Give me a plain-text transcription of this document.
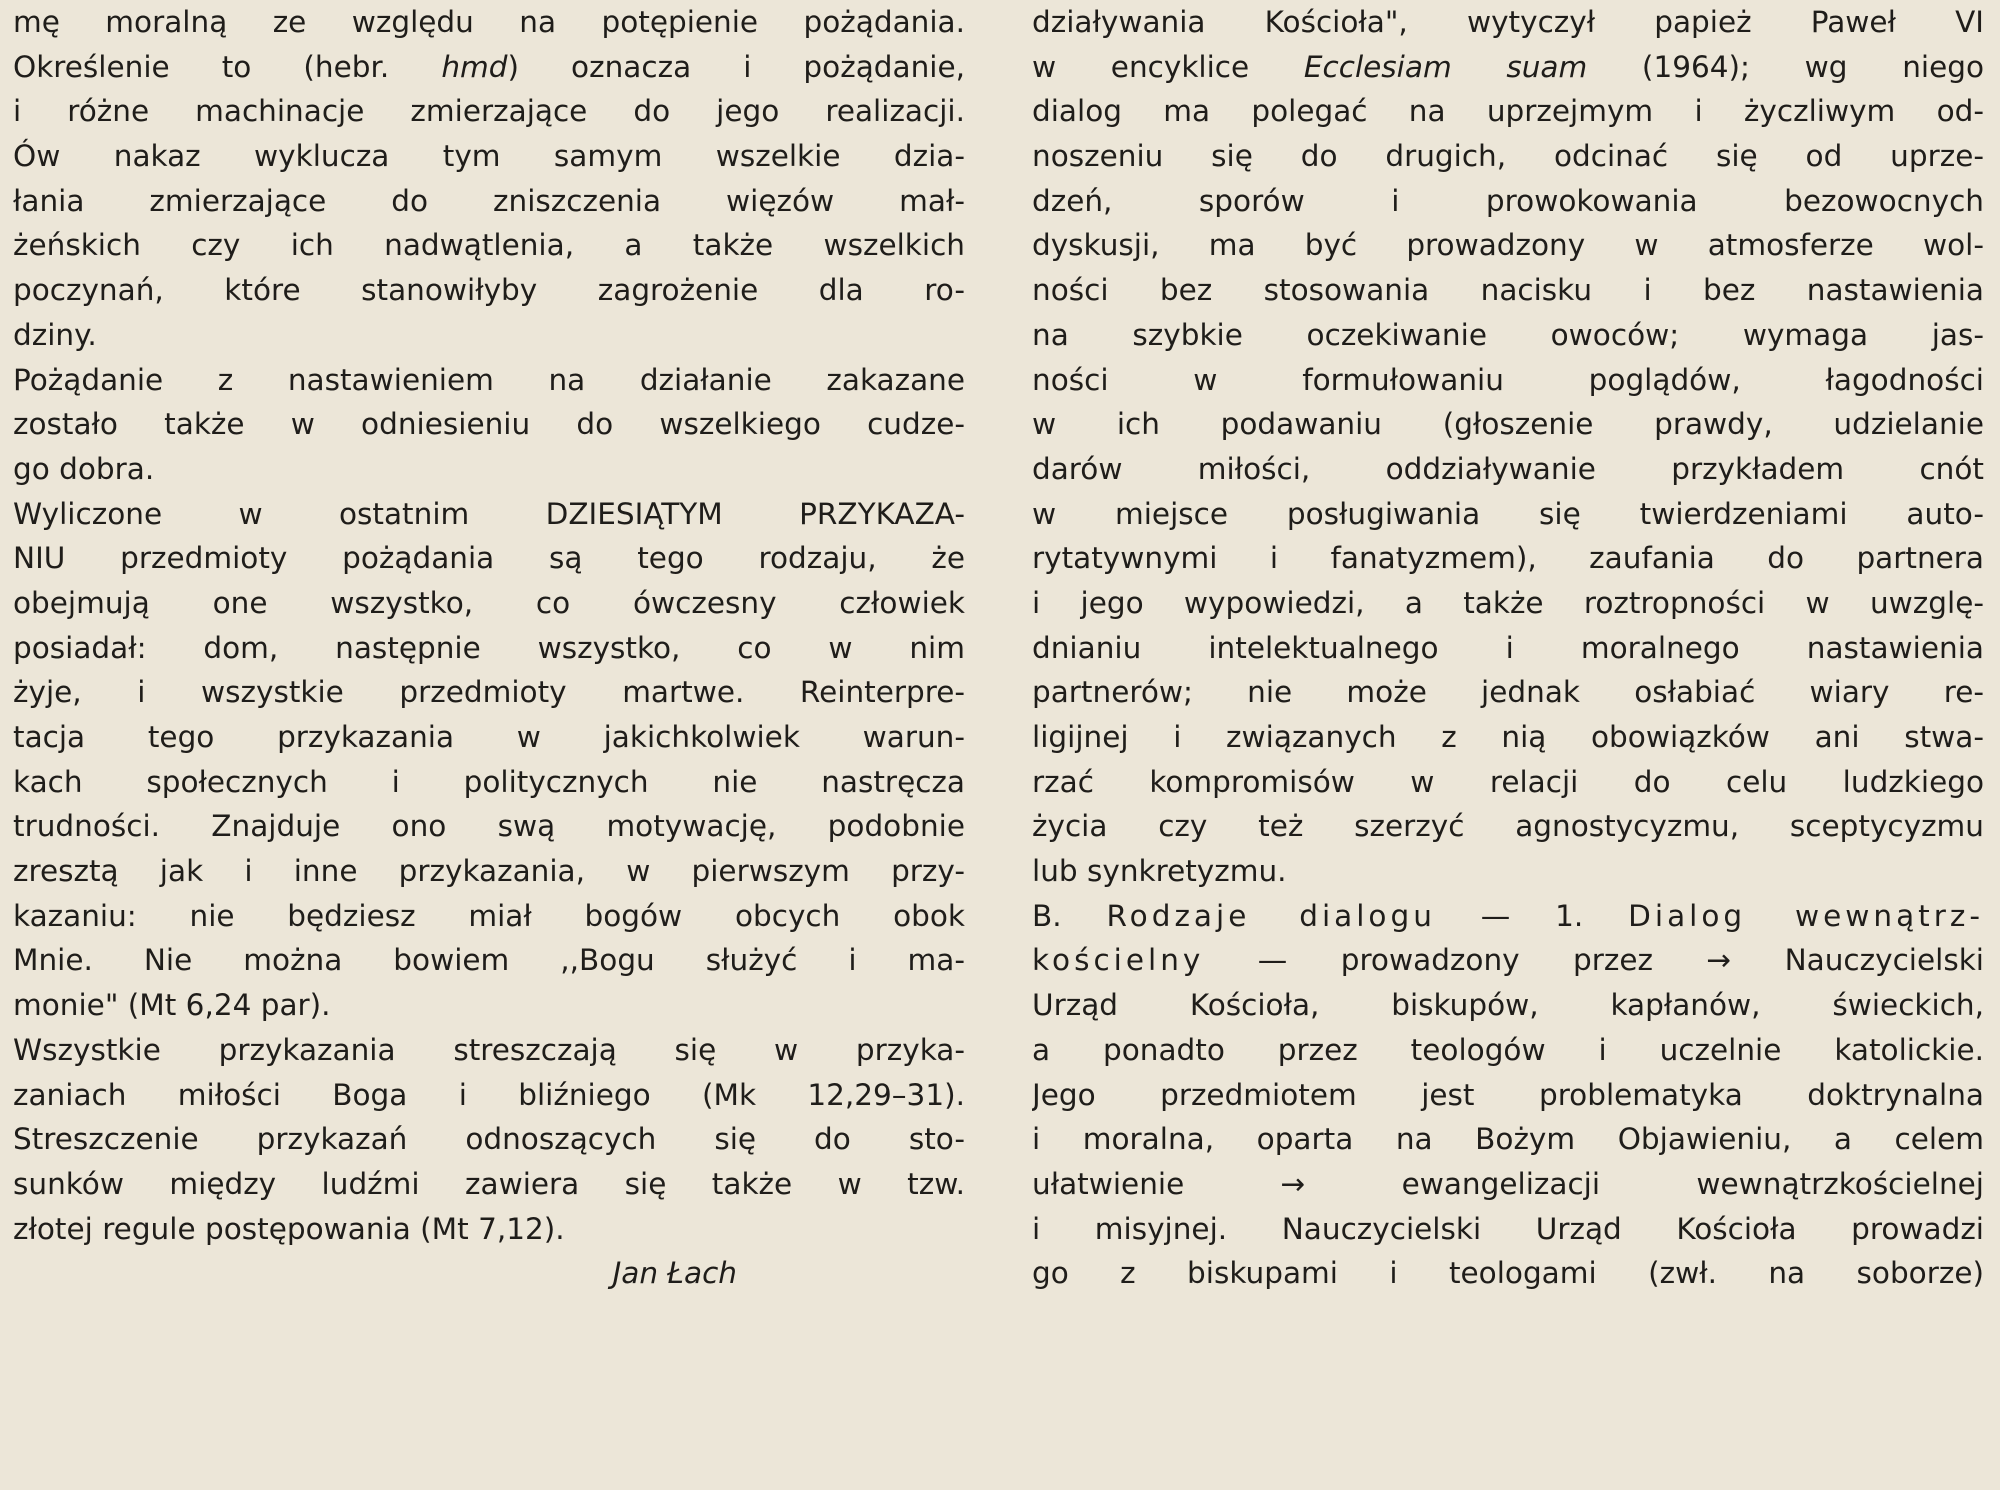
mę moralną ze względu na potępienie pożądania.
Określenie to (hebr. hmd) oznacza i pożądanie,
i różne machinacje zmierzające do jego realizacji.
Ów nakaz wyklucza tym samym wszelkie dzia-
łania zmierzające do zniszczenia więzów mał-
żeńskich czy ich nadwątlenia, a także wszelkich
poczynań, które stanowiłyby zagrożenie dla ro-
dziny.
Pożądanie z nastawieniem na działanie zakazane
zostało także w odniesieniu do wszelkiego cudze-
go dobra.
Wyliczone w ostatnim DZIESIĄTYM PRZYKAZA-
NIU przedmioty pożądania są tego rodzaju, że
obejmują one wszystko, co ówczesny człowiek
posiadał: dom, następnie wszystko, co w nim
żyje, i wszystkie przedmioty martwe. Reinterpre-
tacja tego przykazania w jakichkolwiek warun-
kach społecznych i politycznych nie nastręcza
trudności. Znajduje ono swą motywację, podobnie
zresztą jak i inne przykazania, w pierwszym przy-
kazaniu: nie będziesz miał bogów obcych obok
Mnie. Nie można bowiem ,,Bogu służyć i ma-
monie" (Mt 6,24 par).
Wszystkie przykazania streszczają się w przyka-
zaniach miłości Boga i bliźniego (Mk 12,29–31).
Streszczenie przykazań odnoszących się do sto-
sunków między ludźmi zawiera się także w tzw.
złotej regule postępowania (Mt 7,12).
Jan Łach
działywania Kościoła", wytyczył papież Paweł VI
w encyklice Ecclesiam suam (1964); wg niego
dialog ma polegać na uprzejmym i życzliwym od-
noszeniu się do drugich, odcinać się od uprze-
dzeń, sporów i prowokowania bezowocnych
dyskusji, ma być prowadzony w atmosferze wol-
ności bez stosowania nacisku i bez nastawienia
na szybkie oczekiwanie owoców; wymaga jas-
ności w formułowaniu poglądów, łagodności
w ich podawaniu (głoszenie prawdy, udzielanie
darów miłości, oddziaływanie przykładem cnót
w miejsce posługiwania się twierdzeniami auto-
rytatywnymi i fanatyzmem), zaufania do partnera
i jego wypowiedzi, a także roztropności w uwzglę-
dnianiu intelektualnego i moralnego nastawienia
partnerów; nie może jednak osłabiać wiary re-
ligijnej i związanych z nią obowiązków ani stwa-
rzać kompromisów w relacji do celu ludzkiego
życia czy też szerzyć agnostycyzmu, sceptycyzmu
lub synkretyzmu.
B. Rodzaje dialogu — 1. Dialog wewnątrz-
kościelny — prowadzony przez → Nauczycielski
Urząd Kościoła, biskupów, kapłanów, świeckich,
a ponadto przez teologów i uczelnie katolickie.
Jego przedmiotem jest problematyka doktrynalna
i moralna, oparta na Bożym Objawieniu, a celem
ułatwienie → ewangelizacji wewnątrzkościelnej
i misyjnej. Nauczycielski Urząd Kościoła prowadzi
go z biskupami i teologami (zwł. na soborze)
